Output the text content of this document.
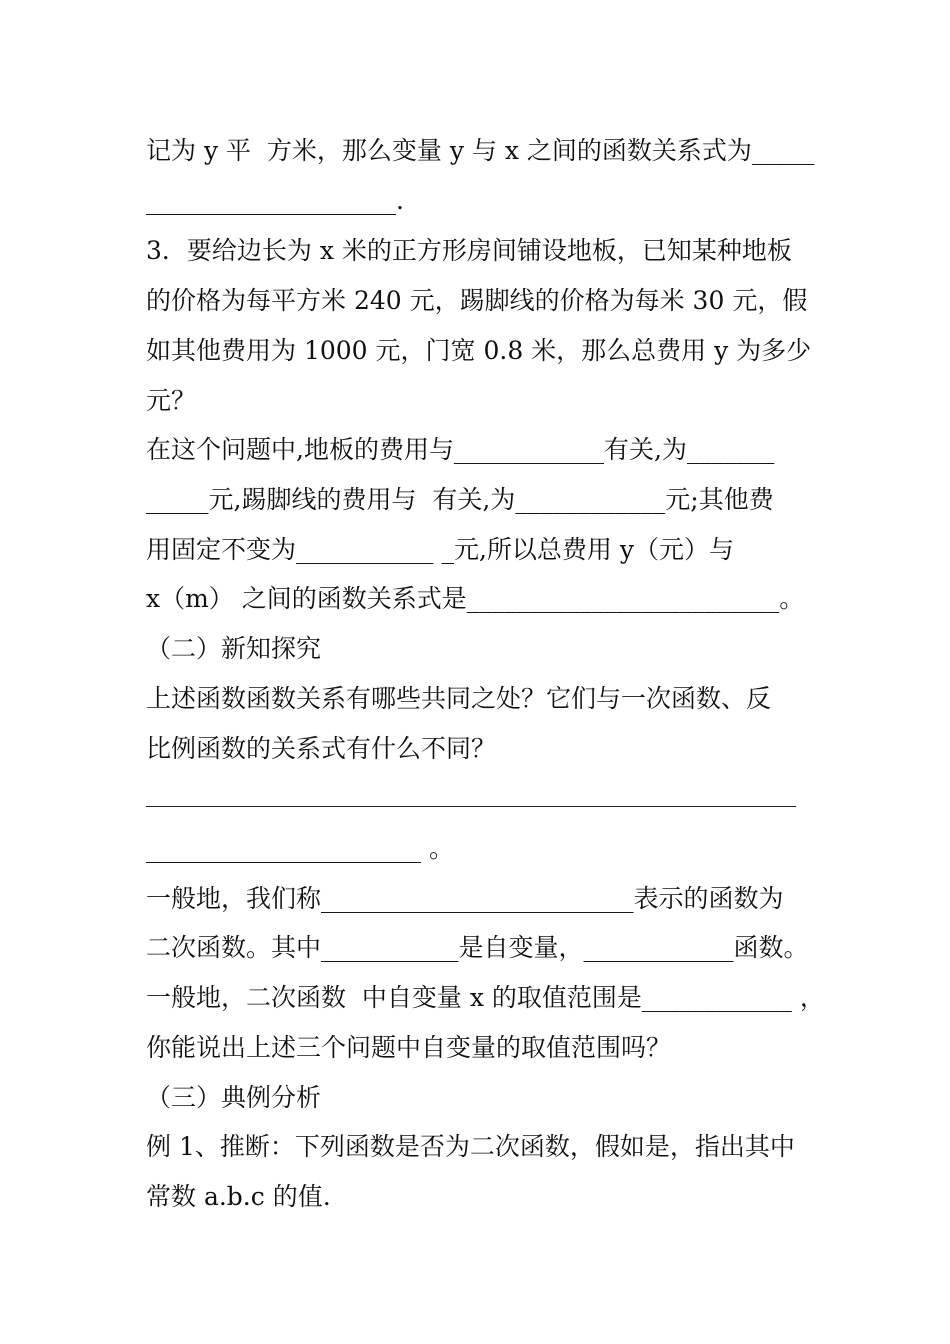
记为 y 平  方米，那么变量 y 与 x 之间的函数关系式为_____
____________________.
3．要给边长为 x 米的正方形房间铺设地板，已知某种地板
的价格为每平方米 240 元，踢脚线的价格为每米 30 元，假
如其他费用为 1000 元，门宽 0.8 米，那么总费用 y 为多少
元？
在这个问题中,地板的费用与____________有关,为_______
_____元,踢脚线的费用与  有关,为____________元;其他费
用固定不变为___________ _元,所以总费用 y（元）与
x（m） 之间的函数关系式是_________________________。
（二）新知探究
上述函数函数关系有哪些共同之处？它们与一次函数、反
比例函数的关系式有什么不同？
______________________ 。
一般地，我们称_________________________表示的函数为
二次函数。其中___________是自变量，____________函数。
一般地，二次函数  中自变量 x 的取值范围是____________ ，
你能说出上述三个问题中自变量的取值范围吗？
（三）典例分析
例 1、推断：下列函数是否为二次函数，假如是，指出其中
常数 a.b.c 的值.
